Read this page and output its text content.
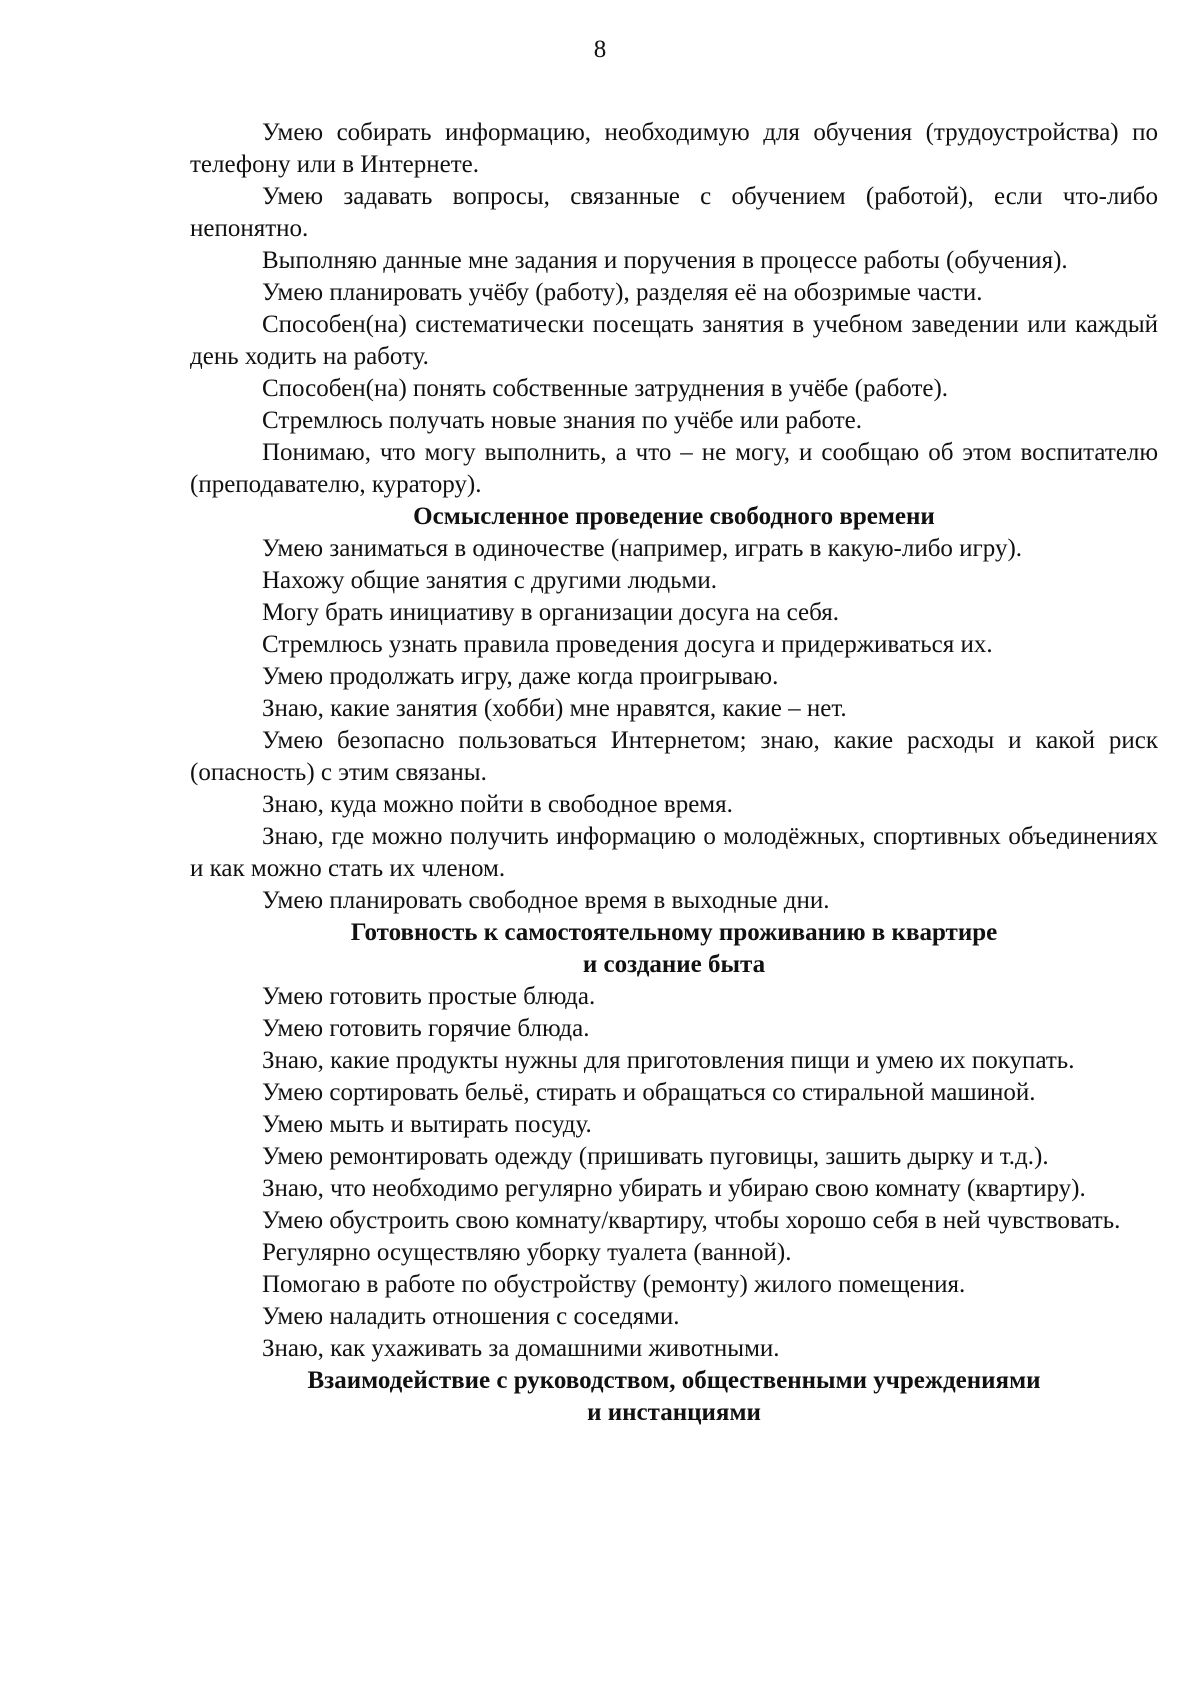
8

Умею собирать информацию, необходимую для обучения (трудоустройства) по телефону или в Интернете.

Умею задавать вопросы, связанные с обучением (работой), если что-либо непонятно.

Выполняю данные мне задания и поручения в процессе работы (обучения).

Умею планировать учёбу (работу), разделяя её на обозримые части.

Способен(на) систематически посещать занятия в учебном заведении или каждый день ходить на работу.

Способен(на) понять собственные затруднения в учёбе (работе).

Стремлюсь получать новые знания по учёбе или работе.

Понимаю, что могу выполнить, а что – не могу, и сообщаю об этом воспитателю (преподавателю, куратору).

Осмысленное проведение свободного времени

Умею заниматься в одиночестве (например, играть в какую-либо игру).

Нахожу общие занятия с другими людьми.

Могу брать инициативу в организации досуга на себя.

Стремлюсь узнать правила проведения досуга и придерживаться их.

Умею продолжать игру, даже когда проигрываю.

Знаю, какие занятия (хобби) мне нравятся, какие – нет.

Умею безопасно пользоваться Интернетом; знаю, какие расходы и какой риск (опасность) с этим связаны.

Знаю, куда можно пойти в свободное время.

Знаю, где можно получить информацию о молодёжных, спортивных объединениях и как можно стать их членом.

Умею планировать свободное время в выходные дни.

Готовность к самостоятельному проживанию в квартире
и создание быта

Умею готовить простые блюда.

Умею готовить горячие блюда.

Знаю, какие продукты нужны для приготовления пищи и умею их покупать.

Умею сортировать бельё, стирать и обращаться со стиральной машиной.

Умею мыть и вытирать посуду.

Умею ремонтировать одежду (пришивать пуговицы, зашить дырку и т.д.).

Знаю, что необходимо регулярно убирать и убираю свою комнату (квартиру).

Умею обустроить свою комнату/квартиру, чтобы хорошо себя в ней чувствовать.

Регулярно осуществляю уборку туалета (ванной).

Помогаю в работе по обустройству (ремонту) жилого помещения.

Умею наладить отношения с соседями.

Знаю, как ухаживать за домашними животными.

Взаимодействие с руководством, общественными учреждениями
и инстанциями
